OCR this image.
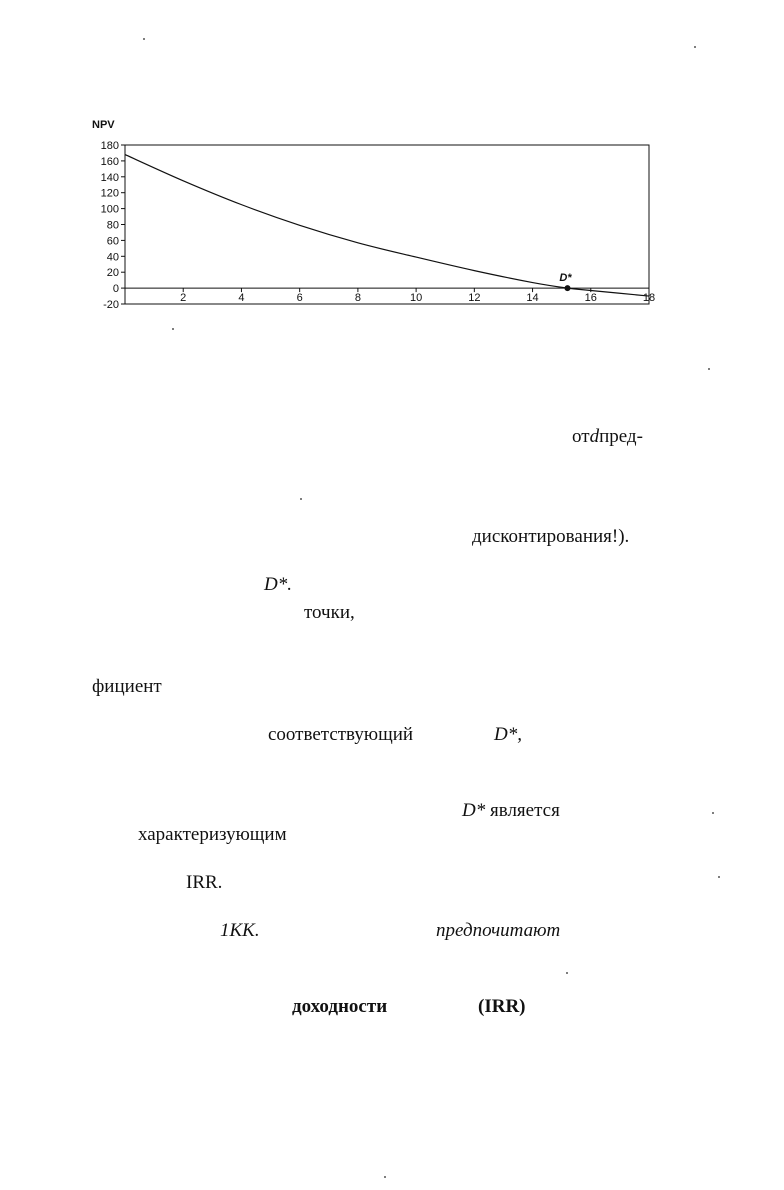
NPV
180
160
140
120
100
80
60
40
20
0
-20
2	4	6	8	10	12	14	16	18
D*
отdпред-
дисконтирования!).
D*.
точки,
фициент
соответствующий	D*,
D* является
характеризующим
IRR.
1KK.	предпочитают
доходности	(IRR)
